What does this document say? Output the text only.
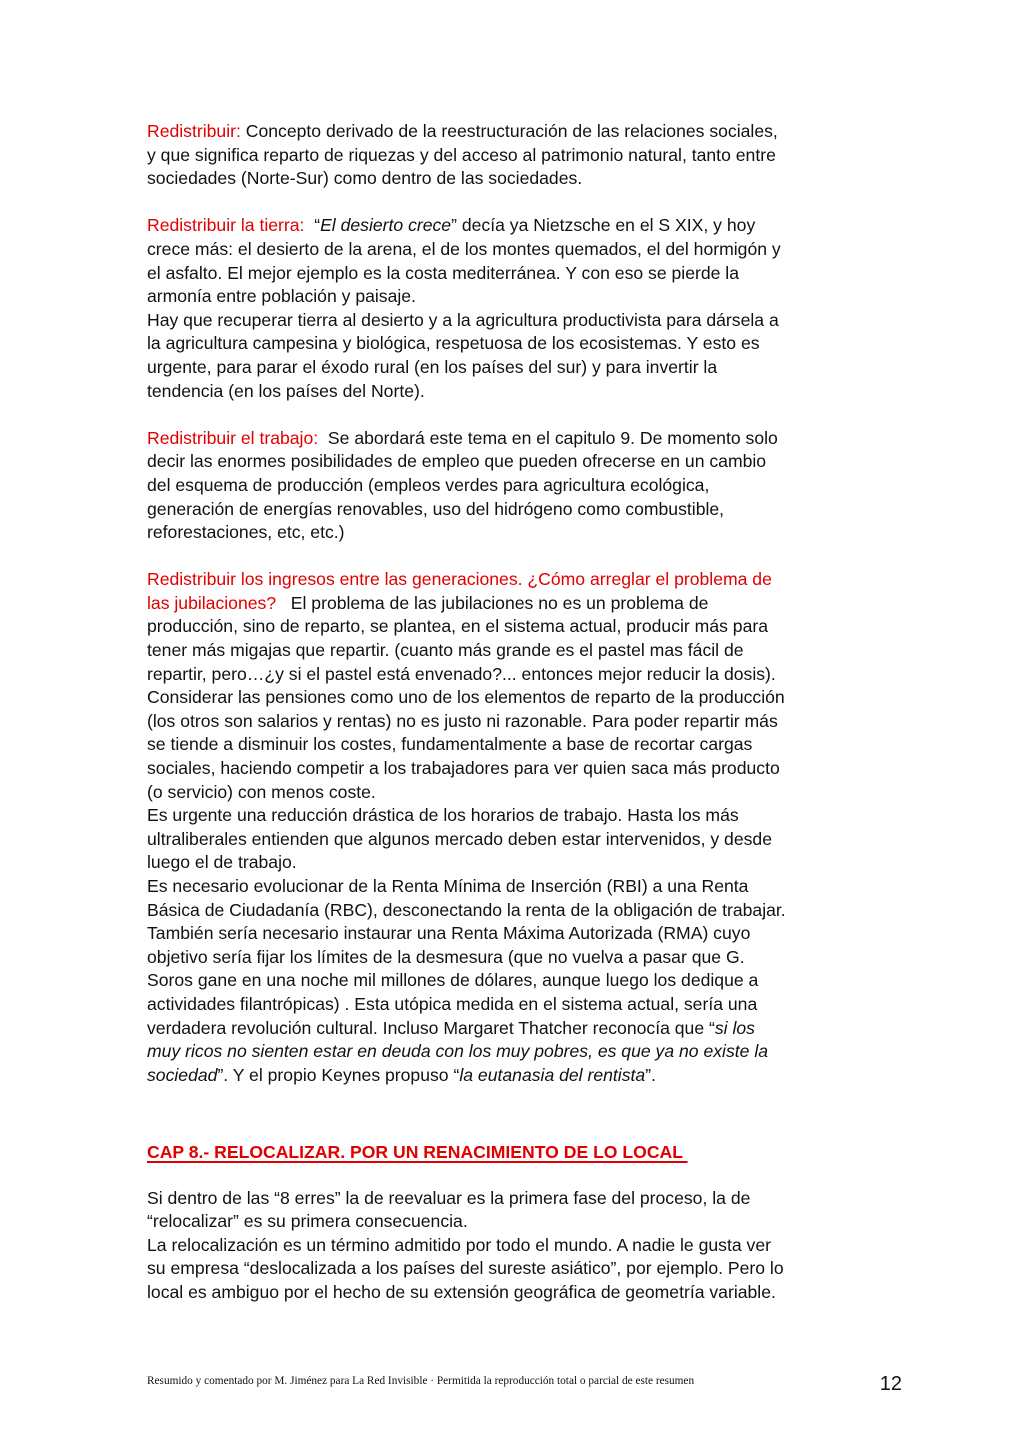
Redistribuir: Concepto derivado de la reestructuración de las relaciones sociales,
y que significa reparto de riquezas y del acceso al patrimonio natural, tanto entre
sociedades (Norte-Sur) como dentro de las sociedades.

Redistribuir la tierra:  “El desierto crece” decía ya Nietzsche en el S XIX, y hoy
crece más: el desierto de la arena, el de los montes quemados, el del hormigón y
el asfalto. El mejor ejemplo es la costa mediterránea. Y con eso se pierde la
armonía entre población y paisaje.
Hay que recuperar tierra al desierto y a la agricultura productivista para dársela a
la agricultura campesina y biológica, respetuosa de los ecosistemas. Y esto es
urgente, para parar el éxodo rural (en los países del sur) y para invertir la
tendencia (en los países del Norte).

Redistribuir el trabajo:  Se abordará este tema en el capitulo 9. De momento solo
decir las enormes posibilidades de empleo que pueden ofrecerse en un cambio
del esquema de producción (empleos verdes para agricultura ecológica,
generación de energías renovables, uso del hidrógeno como combustible,
reforestaciones, etc, etc.)

Redistribuir los ingresos entre las generaciones. ¿Cómo arreglar el problema de
las jubilaciones?   El problema de las jubilaciones no es un problema de
producción, sino de reparto, se plantea, en el sistema actual, producir más para
tener más migajas que repartir. (cuanto más grande es el pastel mas fácil de
repartir, pero…¿y si el pastel está envenado?... entonces mejor reducir la dosis).
Considerar las pensiones como uno de los elementos de reparto de la producción
(los otros son salarios y rentas) no es justo ni razonable. Para poder repartir más
se tiende a disminuir los costes, fundamentalmente a base de recortar cargas
sociales, haciendo competir a los trabajadores para ver quien saca más producto
(o servicio) con menos coste.
Es urgente una reducción drástica de los horarios de trabajo. Hasta los más
ultraliberales entienden que algunos mercado deben estar intervenidos, y desde
luego el de trabajo.
Es necesario evolucionar de la Renta Mínima de Inserción (RBI) a una Renta
Básica de Ciudadanía (RBC), desconectando la renta de la obligación de trabajar.
También sería necesario instaurar una Renta Máxima Autorizada (RMA) cuyo
objetivo sería fijar los límites de la desmesura (que no vuelva a pasar que G.
Soros gane en una noche mil millones de dólares, aunque luego los dedique a
actividades filantrópicas) . Esta utópica medida en el sistema actual, sería una
verdadera revolución cultural. Incluso Margaret Thatcher reconocía que “si los
muy ricos no sienten estar en deuda con los muy pobres, es que ya no existe la
sociedad”. Y el propio Keynes propuso “la eutanasia del rentista”.

CAP 8.- RELOCALIZAR. POR UN RENACIMIENTO DE LO LOCAL

Si dentro de las “8 erres” la de reevaluar es la primera fase del proceso, la de
“relocalizar” es su primera consecuencia.
La relocalización es un término admitido por todo el mundo. A nadie le gusta ver
su empresa “deslocalizada a los países del sureste asiático”, por ejemplo. Pero lo
local es ambiguo por el hecho de su extensión geográfica de geometría variable.

Resumido y comentado por M. Jiménez para La Red Invisible · Permitida la reproducción total o parcial de este resumen	12
